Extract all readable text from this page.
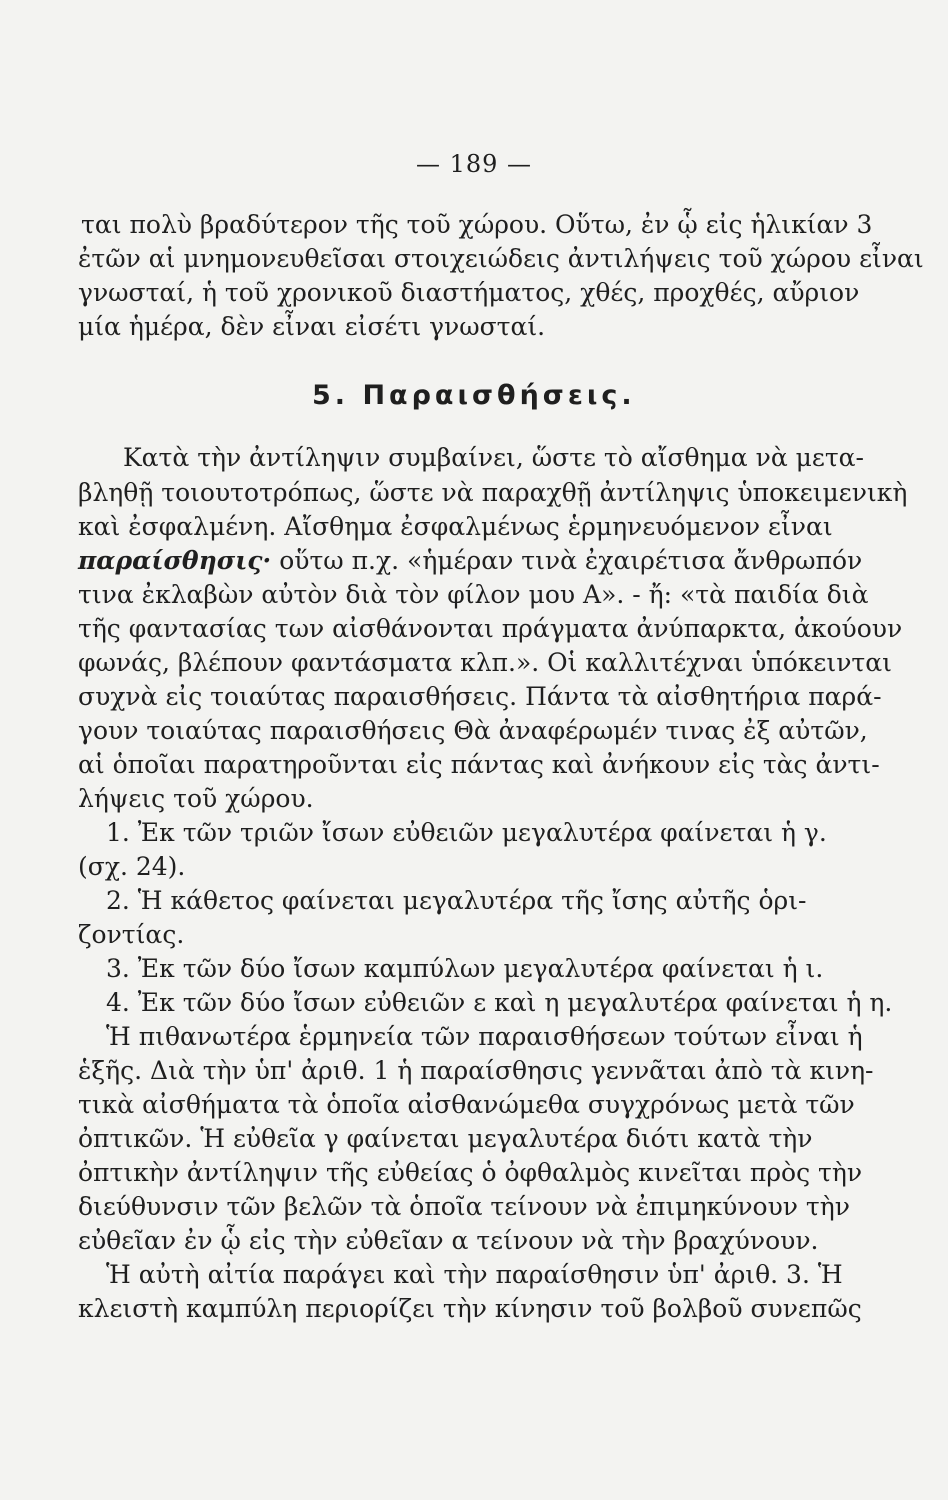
— 189 —
ται πολὺ βραδύτερον τῆς τοῦ χώρου. Οὕτω, ἐν ᾧ εἰς ἡλικίαν 3
ἐτῶν αἱ μνημονευθεῖσαι στοιχειώδεις ἀντιλήψεις τοῦ χώρου εἶναι
γνωσταί, ἡ τοῦ χρονικοῦ διαστήματος, χθές, προχθές, αὔριον
μία ἡμέρα, δὲν εἶναι εἰσέτι γνωσταί.
5. Παραισθήσεις.
Κατὰ τὴν ἀντίληψιν συμβαίνει, ὥστε τὸ αἴσθημα νὰ μετα-
βληθῇ τοιουτοτρόπως, ὥστε νὰ παραχθῇ ἀντίληψις ὑποκειμενικὴ
καὶ ἐσφαλμένη. Αἴσθημα ἐσφαλμένως ἑρμηνευόμενον εἶναι
παραίσθησις· οὕτω π.χ. «ἡμέραν τινὰ ἐχαιρέτισα ἄνθρωπόν
τινα ἐκλαβὼν αὐτὸν διὰ τὸν φίλον μου Α». - ἤ: «τὰ παιδία διὰ
τῆς φαντασίας των αἰσθάνονται πράγματα ἀνύπαρκτα, ἀκούουν
φωνάς, βλέπουν φαντάσματα κλπ.». Οἱ καλλιτέχναι ὑπόκεινται
συχνὰ εἰς τοιαύτας παραισθήσεις. Πάντα τὰ αἰσθητήρια παρά-
γουν τοιαύτας παραισθήσεις Θὰ ἀναφέρωμέν τινας ἐξ αὐτῶν,
αἱ ὁποῖαι παρατηροῦνται εἰς πάντας καὶ ἀνήκουν εἰς τὰς ἀντι-
λήψεις τοῦ χώρου.
1. Ἐκ τῶν τριῶν ἴσων εὐθειῶν μεγαλυτέρα φαίνεται ἡ γ.
(σχ. 24).
2. Ἡ κάθετος φαίνεται μεγαλυτέρα τῆς ἴσης αὐτῆς ὁρι-
ζοντίας.
3. Ἐκ τῶν δύο ἴσων καμπύλων μεγαλυτέρα φαίνεται ἡ ι.
4. Ἐκ τῶν δύο ἴσων εὐθειῶν ε καὶ η μεγαλυτέρα φαίνεται ἡ η.
Ἡ πιθανωτέρα ἑρμηνεία τῶν παραισθήσεων τούτων εἶναι ἡ
ἑξῆς. Διὰ τὴν ὑπ' ἀριθ. 1 ἡ παραίσθησις γεννᾶται ἀπὸ τὰ κινη-
τικὰ αἰσθήματα τὰ ὁποῖα αἰσθανώμεθα συγχρόνως μετὰ τῶν
ὀπτικῶν. Ἡ εὐθεῖα γ φαίνεται μεγαλυτέρα διότι κατὰ τὴν
ὀπτικὴν ἀντίληψιν τῆς εὐθείας ὁ ὀφθαλμὸς κινεῖται πρὸς τὴν
διεύθυνσιν τῶν βελῶν τὰ ὁποῖα τείνουν νὰ ἐπιμηκύνουν τὴν
εὐθεῖαν ἐν ᾧ εἰς τὴν εὐθεῖαν α τείνουν νὰ τὴν βραχύνουν.
Ἡ αὐτὴ αἰτία παράγει καὶ τὴν παραίσθησιν ὑπ' ἀριθ. 3. Ἡ
κλειστὴ καμπύλη περιορίζει τὴν κίνησιν τοῦ βολβοῦ συνεπῶς
